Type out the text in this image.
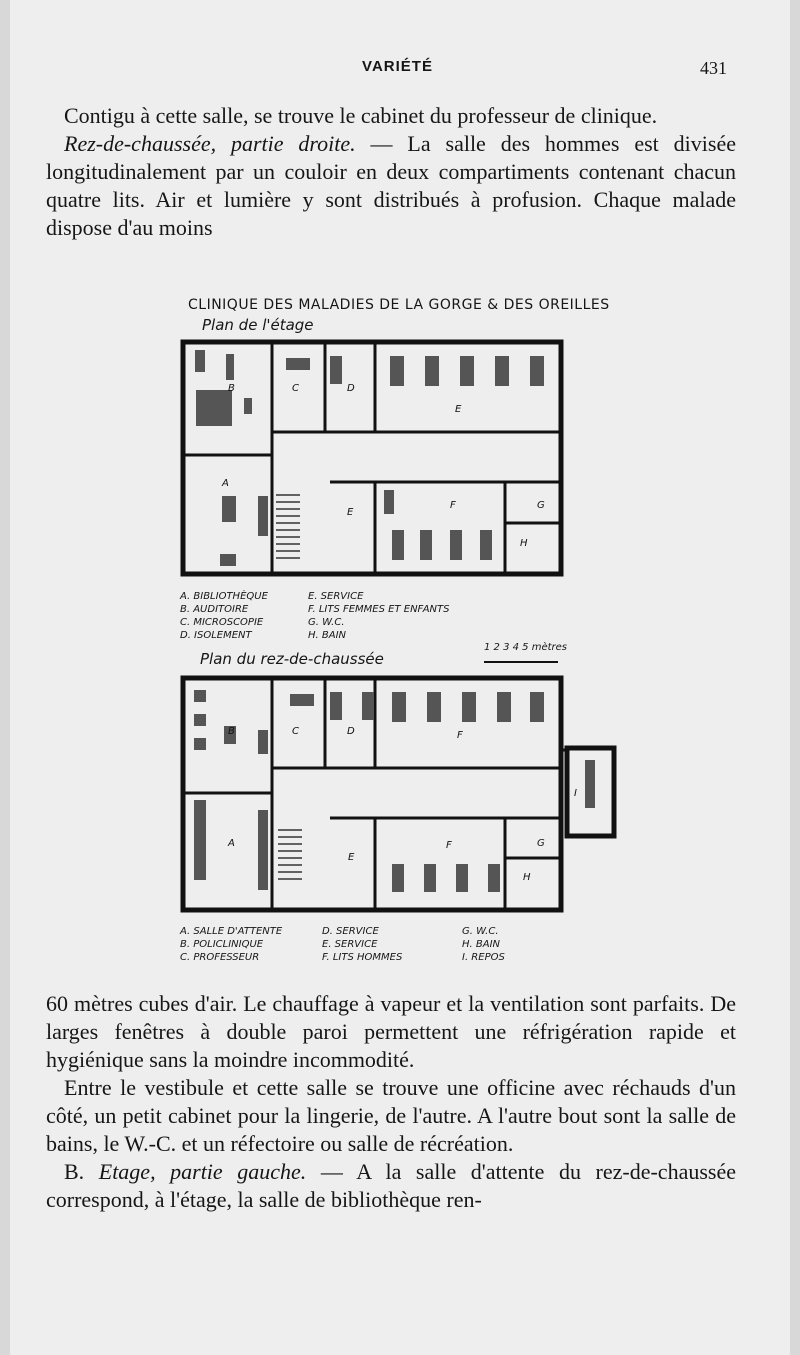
VARIÉTÉ	431

Contigu à cette salle, se trouve le cabinet du professeur de clinique.

Rez-de-chaussée, partie droite. — La salle des hommes est divisée longitudinalement par un couloir en deux compartiments contenant chacun quatre lits. Air et lumière y sont distribués à profusion. Chaque malade dispose d'au moins

CLINIQUE DES MALADIES DE LA GORGE & DES OREILLES
Plan de l'étage
B	C	D
E
A
E
F	G
H
A. BIBLIOTHÈQUE
B. AUDITOIRE
C. MICROSCOPIE
D. ISOLEMENT
E. SERVICE
F. LITS FEMMES ET ENFANTS
G. W.C.
H. BAIN
Plan du rez-de-chaussée
1 2 3 4 5 mètres
B	C	D	F
A
E
F	G
H
I
A. SALLE D'ATTENTE
B. POLICLINIQUE
C. PROFESSEUR
D. SERVICE
E. SERVICE
F. LITS HOMMES
G. W.C.
H. BAIN
I. REPOS

60 mètres cubes d'air. Le chauffage à vapeur et la ventilation sont parfaits. De larges fenêtres à double paroi permettent une réfrigération rapide et hygiénique sans la moindre incommodité.

Entre le vestibule et cette salle se trouve une officine avec réchauds d'un côté, un petit cabinet pour la lingerie, de l'autre. A l'autre bout sont la salle de bains, le W.-C. et un réfectoire ou salle de récréation.

B. Etage, partie gauche. — A la salle d'attente du rez-de-chaussée correspond, à l'étage, la salle de bibliothèque ren-
